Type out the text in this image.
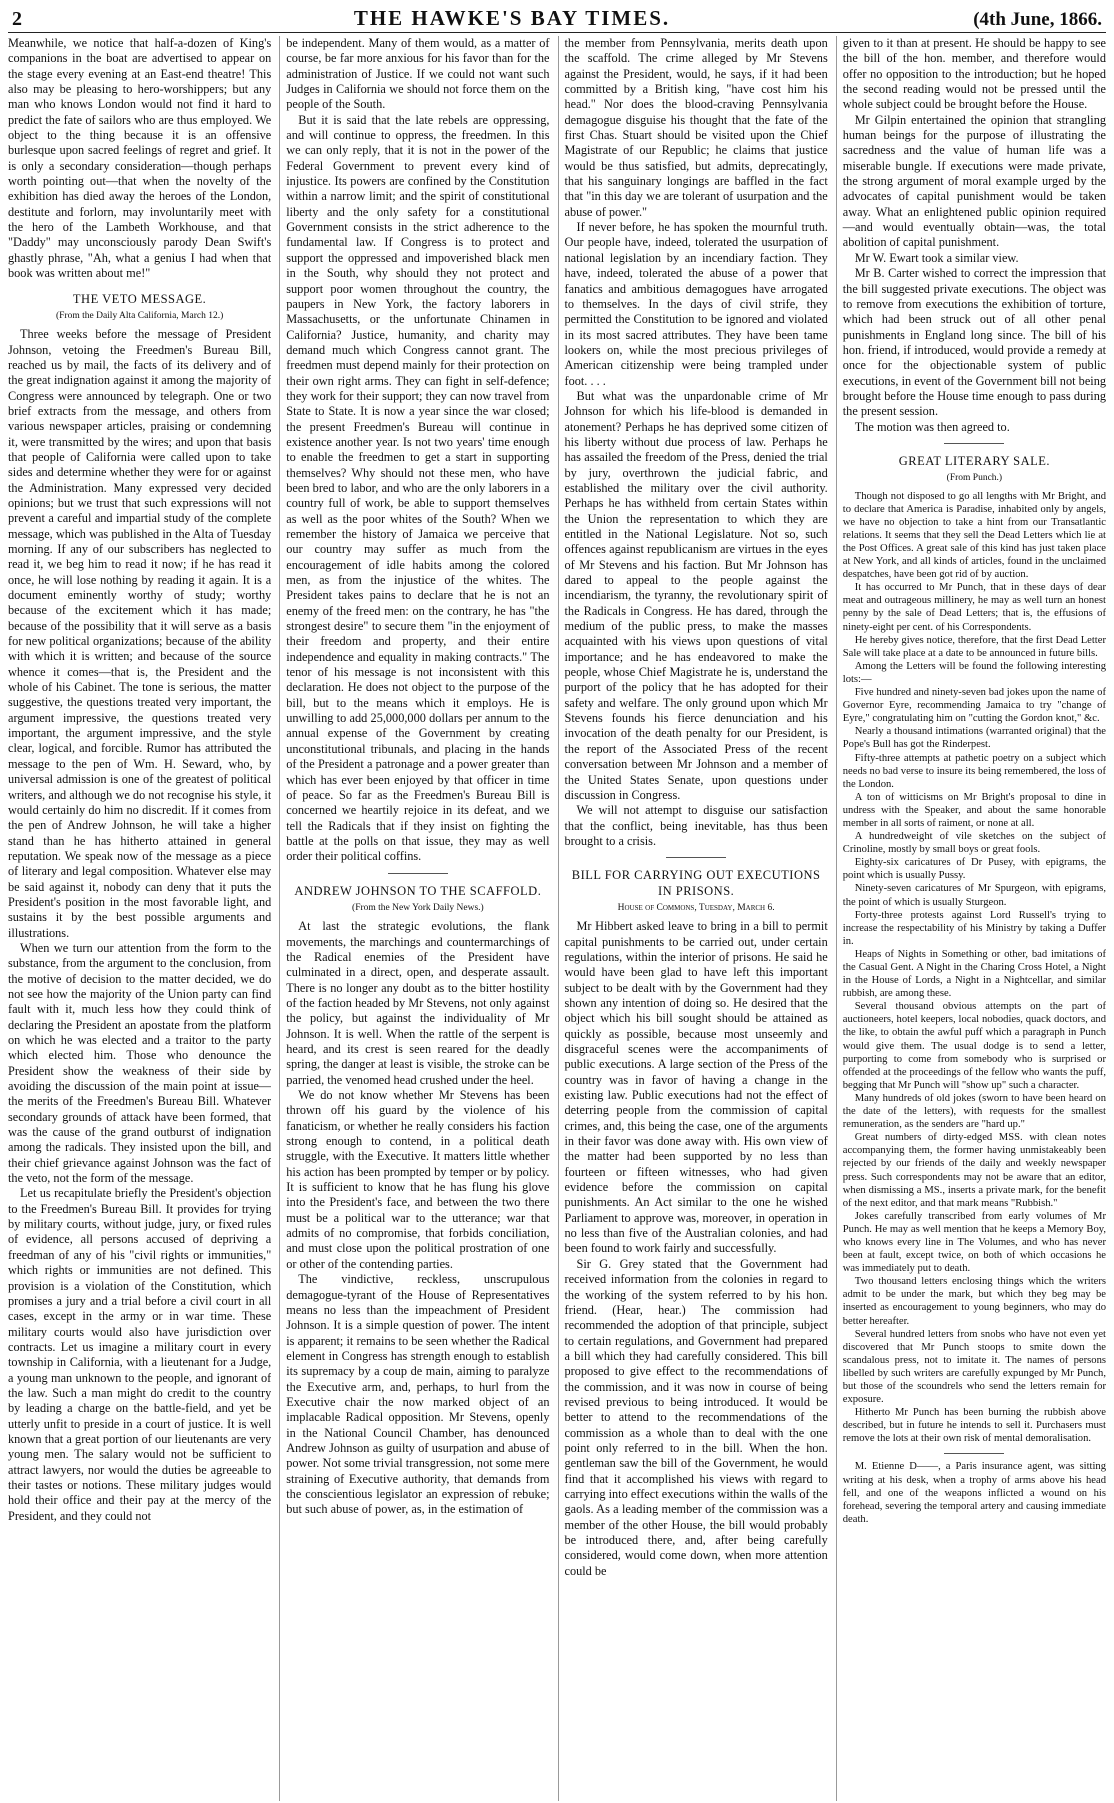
2	THE HAWKE'S BAY TIMES.	(4th June, 1866.

Meanwhile, we notice that half-a-dozen of King's companions in the boat are advertised to appear on the stage every evening at an East-end theatre! This also may be pleasing to hero-worshippers; but any man who knows London would not find it hard to predict the fate of sailors who are thus employed. We object to the thing because it is an offensive burlesque upon sacred feelings of regret and grief. It is only a secondary consideration—though perhaps worth pointing out—that when the novelty of the exhibition has died away the heroes of the London, destitute and forlorn, may involuntarily meet with the hero of the Lambeth Workhouse, and that "Daddy" may unconsciously parody Dean Swift's ghastly phrase, "Ah, what a genius I had when that book was written about me!"

THE VETO MESSAGE.
(From the Daily Alta California, March 12.)

Three weeks before the message of President Johnson, vetoing the Freedmen's Bureau Bill, reached us by mail, the facts of its delivery and of the great indignation against it among the majority of Congress were announced by telegraph. One or two brief extracts from the message, and others from various newspaper articles, praising or condemning it, were transmitted by the wires; and upon that basis that people of California were called upon to take sides and determine whether they were for or against the Administration. Many expressed very decided opinions; but we trust that such expressions will not prevent a careful and impartial study of the complete message, which was published in the Alta of Tuesday morning. If any of our subscribers has neglected to read it, we beg him to read it now; if he has read it once, he will lose nothing by reading it again. It is a document eminently worthy of study; worthy because of the excitement which it has made; because of the possibility that it will serve as a basis for new political organizations; because of the ability with which it is written; and because of the source whence it comes—that is, the President and the whole of his Cabinet. The tone is serious, the matter suggestive, the questions treated very important, the argument impressive, the questions treated very important, the argument impressive, and the style clear, logical, and forcible. Rumor has attributed the message to the pen of Wm. H. Seward, who, by universal admission is one of the greatest of political writers, and although we do not recognise his style, it would certainly do him no discredit. If it comes from the pen of Andrew Johnson, he will take a higher stand than he has hitherto attained in general reputation. We speak now of the message as a piece of literary and legal composition. Whatever else may be said against it, nobody can deny that it puts the President's position in the most favorable light, and sustains it by the best possible arguments and illustrations.

When we turn our attention from the form to the substance, from the argument to the conclusion, from the motive of decision to the matter decided, we do not see how the majority of the Union party can find fault with it, much less how they could think of declaring the President an apostate from the platform on which he was elected and a traitor to the party which elected him. Those who denounce the President show the weakness of their side by avoiding the discussion of the main point at issue—the merits of the Freedmen's Bureau Bill. Whatever secondary grounds of attack have been formed, that was the cause of the grand outburst of indignation among the radicals. They insisted upon the bill, and their chief grievance against Johnson was the fact of the veto, not the form of the message.

Let us recapitulate briefly the President's objection to the Freedmen's Bureau Bill. It provides for trying by military courts, without judge, jury, or fixed rules of evidence, all persons accused of depriving a freedman of any of his "civil rights or immunities," which rights or immunities are not defined. This provision is a violation of the Constitution, which promises a jury and a trial before a civil court in all cases, except in the army or in war time. These military courts would also have jurisdiction over contracts. Let us imagine a military court in every township in California, with a lieutenant for a Judge, a young man unknown to the people, and ignorant of the law. Such a man might do credit to the country by leading a charge on the battle-field, and yet be utterly unfit to preside in a court of justice. It is well known that a great portion of our lieutenants are very young men. The salary would not be sufficient to attract lawyers, nor would the duties be agreeable to their tastes or notions. These military judges would hold their office and their pay at the mercy of the President, and they could not

be independent. Many of them would, as a matter of course, be far more anxious for his favor than for the administration of Justice. If we could not want such Judges in California we should not force them on the people of the South.

But it is said that the late rebels are oppressing, and will continue to oppress, the freedmen. In this we can only reply, that it is not in the power of the Federal Government to prevent every kind of injustice. Its powers are confined by the Constitution within a narrow limit; and the spirit of constitutional liberty and the only safety for a constitutional Government consists in the strict adherence to the fundamental law. If Congress is to protect and support the oppressed and impoverished black men in the South, why should they not protect and support poor women throughout the country, the paupers in New York, the factory laborers in Massachusetts, or the unfortunate Chinamen in California? Justice, humanity, and charity may demand much which Congress cannot grant. The freedmen must depend mainly for their protection on their own right arms. They can fight in self-defence; they work for their support; they can now travel from State to State. It is now a year since the war closed; the present Freedmen's Bureau will continue in existence another year. Is not two years' time enough to enable the freedmen to get a start in supporting themselves? Why should not these men, who have been bred to labor, and who are the only laborers in a country full of work, be able to support themselves as well as the poor whites of the South? When we remember the history of Jamaica we perceive that our country may suffer as much from the encouragement of idle habits among the colored men, as from the injustice of the whites. The President takes pains to declare that he is not an enemy of the freed men: on the contrary, he has "the strongest desire" to secure them "in the enjoyment of their freedom and property, and their entire independence and equality in making contracts." The tenor of his message is not inconsistent with this declaration. He does not object to the purpose of the bill, but to the means which it employs. He is unwilling to add 25,000,000 dollars per annum to the annual expense of the Government by creating unconstitutional tribunals, and placing in the hands of the President a patronage and a power greater than which has ever been enjoyed by that officer in time of peace. So far as the Freedmen's Bureau Bill is concerned we heartily rejoice in its defeat, and we tell the Radicals that if they insist on fighting the battle at the polls on that issue, they may as well order their political coffins.

ANDREW JOHNSON TO THE SCAFFOLD.
(From the New York Daily News.)

At last the strategic evolutions, the flank movements, the marchings and countermarchings of the Radical enemies of the President have culminated in a direct, open, and desperate assault. There is no longer any doubt as to the bitter hostility of the faction headed by Mr Stevens, not only against the policy, but against the individuality of Mr Johnson. It is well. When the rattle of the serpent is heard, and its crest is seen reared for the deadly spring, the danger at least is visible, the stroke can be parried, the venomed head crushed under the heel.

We do not know whether Mr Stevens has been thrown off his guard by the violence of his fanaticism, or whether he really considers his faction strong enough to contend, in a political death struggle, with the Executive. It matters little whether his action has been prompted by temper or by policy. It is sufficient to know that he has flung his glove into the President's face, and between the two there must be a political war to the utterance; war that admits of no compromise, that forbids conciliation, and must close upon the political prostration of one or other of the contending parties.

The vindictive, reckless, unscrupulous demagogue-tyrant of the House of Representatives means no less than the impeachment of President Johnson. It is a simple question of power. The intent is apparent; it remains to be seen whether the Radical element in Congress has strength enough to establish its supremacy by a coup de main, aiming to paralyze the Executive arm, and, perhaps, to hurl from the Executive chair the now marked object of an implacable Radical opposition. Mr Stevens, openly in the National Council Chamber, has denounced Andrew Johnson as guilty of usurpation and abuse of power. Not some trivial transgression, not some mere straining of Executive authority, that demands from the conscientious legislator an expression of rebuke; but such abuse of power, as, in the estimation of

the member from Pennsylvania, merits death upon the scaffold. The crime alleged by Mr Stevens against the President, would, he says, if it had been committed by a British king, "have cost him his head." Nor does the blood-craving Pennsylvania demagogue disguise his thought that the fate of the first Chas. Stuart should be visited upon the Chief Magistrate of our Republic; he claims that justice would be thus satisfied, but admits, deprecatingly, that his sanguinary longings are baffled in the fact that "in this day we are tolerant of usurpation and the abuse of power."

If never before, he has spoken the mournful truth. Our people have, indeed, tolerated the usurpation of national legislation by an incendiary faction. They have, indeed, tolerated the abuse of a power that fanatics and ambitious demagogues have arrogated to themselves. In the days of civil strife, they permitted the Constitution to be ignored and violated in its most sacred attributes. They have been tame lookers on, while the most precious privileges of American citizenship were being trampled under foot. . . .

But what was the unpardonable crime of Mr Johnson for which his life-blood is demanded in atonement? Perhaps he has deprived some citizen of his liberty without due process of law. Perhaps he has assailed the freedom of the Press, denied the trial by jury, overthrown the judicial fabric, and established the military over the civil authority. Perhaps he has withheld from certain States within the Union the representation to which they are entitled in the National Legislature. Not so, such offences against republicanism are virtues in the eyes of Mr Stevens and his faction. But Mr Johnson has dared to appeal to the people against the incendiarism, the tyranny, the revolutionary spirit of the Radicals in Congress. He has dared, through the medium of the public press, to make the masses acquainted with his views upon questions of vital importance; and he has endeavored to make the people, whose Chief Magistrate he is, understand the purport of the policy that he has adopted for their safety and welfare. The only ground upon which Mr Stevens founds his fierce denunciation and his invocation of the death penalty for our President, is the report of the Associated Press of the recent conversation between Mr Johnson and a member of the United States Senate, upon questions under discussion in Congress.

We will not attempt to disguise our satisfaction that the conflict, being inevitable, has thus been brought to a crisis.

BILL FOR CARRYING OUT EXECUTIONS IN PRISONS.
House of Commons, Tuesday, March 6.

Mr Hibbert asked leave to bring in a bill to permit capital punishments to be carried out, under certain regulations, within the interior of prisons. He said he would have been glad to have left this important subject to be dealt with by the Government had they shown any intention of doing so. He desired that the object which his bill sought should be attained as quickly as possible, because most unseemly and disgraceful scenes were the accompaniments of public executions. A large section of the Press of the country was in favor of having a change in the existing law. Public executions had not the effect of deterring people from the commission of capital crimes, and, this being the case, one of the arguments in their favor was done away with. His own view of the matter had been supported by no less than fourteen or fifteen witnesses, who had given evidence before the commission on capital punishments. An Act similar to the one he wished Parliament to approve was, moreover, in operation in no less than five of the Australian colonies, and had been found to work fairly and successfully.

Sir G. Grey stated that the Government had received information from the colonies in regard to the working of the system referred to by his hon. friend. (Hear, hear.) The commission had recommended the adoption of that principle, subject to certain regulations, and Government had prepared a bill which they had carefully considered. This bill proposed to give effect to the recommendations of the commission, and it was now in course of being revised previous to being introduced. It would be better to attend to the recommendations of the commission as a whole than to deal with the one point only referred to in the bill. When the hon. gentleman saw the bill of the Government, he would find that it accomplished his views with regard to carrying into effect executions within the walls of the gaols. As a leading member of the commission was a member of the other House, the bill would probably be introduced there, and, after being carefully considered, would come down, when more attention could be

given to it than at present. He should be happy to see the bill of the hon. member, and therefore would offer no opposition to the introduction; but he hoped the second reading would not be pressed until the whole subject could be brought before the House.

Mr Gilpin entertained the opinion that strangling human beings for the purpose of illustrating the sacredness and the value of human life was a miserable bungle. If executions were made private, the strong argument of moral example urged by the advocates of capital punishment would be taken away. What an enlightened public opinion required—and would eventually obtain—was, the total abolition of capital punishment.

Mr W. Ewart took a similar view.

Mr B. Carter wished to correct the impression that the bill suggested private executions. The object was to remove from executions the exhibition of torture, which had been struck out of all other penal punishments in England long since. The bill of his hon. friend, if introduced, would provide a remedy at once for the objectionable system of public executions, in event of the Government bill not being brought before the House time enough to pass during the present session.

The motion was then agreed to.

GREAT LITERARY SALE.
(From Punch.)

Though not disposed to go all lengths with Mr Bright, and to declare that America is Paradise, inhabited only by angels, we have no objection to take a hint from our Transatlantic relations. It seems that they sell the Dead Letters which lie at the Post Offices. A great sale of this kind has just taken place at New York, and all kinds of articles, found in the unclaimed despatches, have been got rid of by auction.

It has occurred to Mr Punch, that in these days of dear meat and outrageous millinery, he may as well turn an honest penny by the sale of Dead Letters; that is, the effusions of ninety-eight per cent. of his Correspondents.

He hereby gives notice, therefore, that the first Dead Letter Sale will take place at a date to be announced in future bills.

Among the Letters will be found the following interesting lots:—

Five hundred and ninety-seven bad jokes upon the name of Governor Eyre, recommending Jamaica to try "change of Eyre," congratulating him on "cutting the Gordon knot," &c.

Nearly a thousand intimations (warranted original) that the Pope's Bull has got the Rinderpest.

Fifty-three attempts at pathetic poetry on a subject which needs no bad verse to insure its being remembered, the loss of the London.

A ton of witticisms on Mr Bright's proposal to dine in undress with the Speaker, and about the same honorable member in all sorts of raiment, or none at all.

A hundredweight of vile sketches on the subject of Crinoline, mostly by small boys or great fools.

Eighty-six caricatures of Dr Pusey, with epigrams, the point which is usually Pussy.

Ninety-seven caricatures of Mr Spurgeon, with epigrams, the point of which is usually Sturgeon.

Forty-three protests against Lord Russell's trying to increase the respectability of his Ministry by taking a Duffer in.

Heaps of Nights in Something or other, bad imitations of the Casual Gent. A Night in the Charing Cross Hotel, a Night in the House of Lords, a Night in a Nightcellar, and similar rubbish, are among these.

Several thousand obvious attempts on the part of auctioneers, hotel keepers, local nobodies, quack doctors, and the like, to obtain the awful puff which a paragraph in Punch would give them. The usual dodge is to send a letter, purporting to come from somebody who is surprised or offended at the proceedings of the fellow who wants the puff, begging that Mr Punch will "show up" such a character.

Many hundreds of old jokes (sworn to have been heard on the date of the letters), with requests for the smallest remuneration, as the senders are "hard up."

Great numbers of dirty-edged MSS. with clean notes accompanying them, the former having unmistakeably been rejected by our friends of the daily and weekly newspaper press. Such correspondents may not be aware that an editor, when dismissing a MS., inserts a private mark, for the benefit of the next editor, and that mark means "Rubbish."

Jokes carefully transcribed from early volumes of Mr Punch. He may as well mention that he keeps a Memory Boy, who knows every line in The Volumes, and who has never been at fault, except twice, on both of which occasions he was immediately put to death.

Two thousand letters enclosing things which the writers admit to be under the mark, but which they beg may be inserted as encouragement to young beginners, who may do better hereafter.

Several hundred letters from snobs who have not even yet discovered that Mr Punch stoops to smite down the scandalous press, not to imitate it. The names of persons libelled by such writers are carefully expunged by Mr Punch, but those of the scoundrels who send the letters remain for exposure.

Hitherto Mr Punch has been burning the rubbish above described, but in future he intends to sell it. Purchasers must remove the lots at their own risk of mental demoralisation.

M. Etienne D——, a Paris insurance agent, was sitting writing at his desk, when a trophy of arms above his head fell, and one of the weapons inflicted a wound on his forehead, severing the temporal artery and causing immediate death.
